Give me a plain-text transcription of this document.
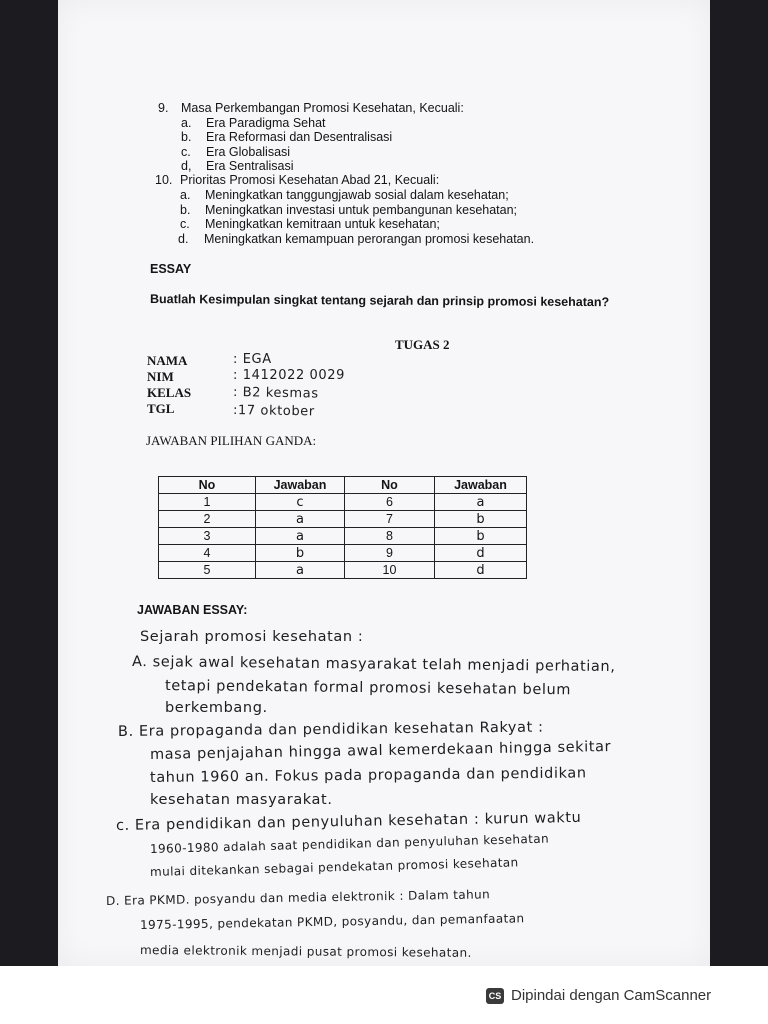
9. Masa Perkembangan Promosi Kesehatan, Kecuali:
a. Era Paradigma Sehat
b. Era Reformasi dan Desentralisasi
c. Era Globalisasi
d, Era Sentralisasi
10. Prioritas Promosi Kesehatan Abad 21, Kecuali:
a. Meningkatkan tanggungjawab sosial dalam kesehatan;
b. Meningkatkan investasi untuk pembangunan kesehatan;
c. Meningkatkan kemitraan untuk kesehatan;
d. Meningkatkan kemampuan perorangan promosi kesehatan.
ESSAY
Buatlah Kesimpulan singkat tentang sejarah dan prinsip promosi kesehatan?
TUGAS 2
NAMA	: EGA
NIM	: 1412022 0029
KELAS	: B2 kesmas
TGL	:17 oktober
JAWABAN PILIHAN GANDA:
No	Jawaban	No	Jawaban
1	c	6	a
2	a	7	b
3	a	8	b
4	b	9	d
5	a	10	d
JAWABAN ESSAY:
Sejarah promosi kesehatan :
A. sejak awal kesehatan masyarakat telah menjadi perhatian,
tetapi pendekatan formal promosi kesehatan belum
berkembang.
B. Era propaganda dan pendidikan kesehatan Rakyat :
masa penjajahan hingga awal kemerdekaan hingga sekitar
tahun 1960 an. Fokus pada propaganda dan pendidikan
kesehatan masyarakat.
c. Era pendidikan dan penyuluhan kesehatan : kurun waktu
1960-1980 adalah saat pendidikan dan penyuluhan kesehatan
mulai ditekankan sebagai pendekatan promosi kesehatan
D. Era PKMD. posyandu dan media elektronik : Dalam tahun
1975-1995, pendekatan PKMD, posyandu, dan pemanfaatan
media elektronik menjadi pusat promosi kesehatan.
CS Dipindai dengan CamScanner
